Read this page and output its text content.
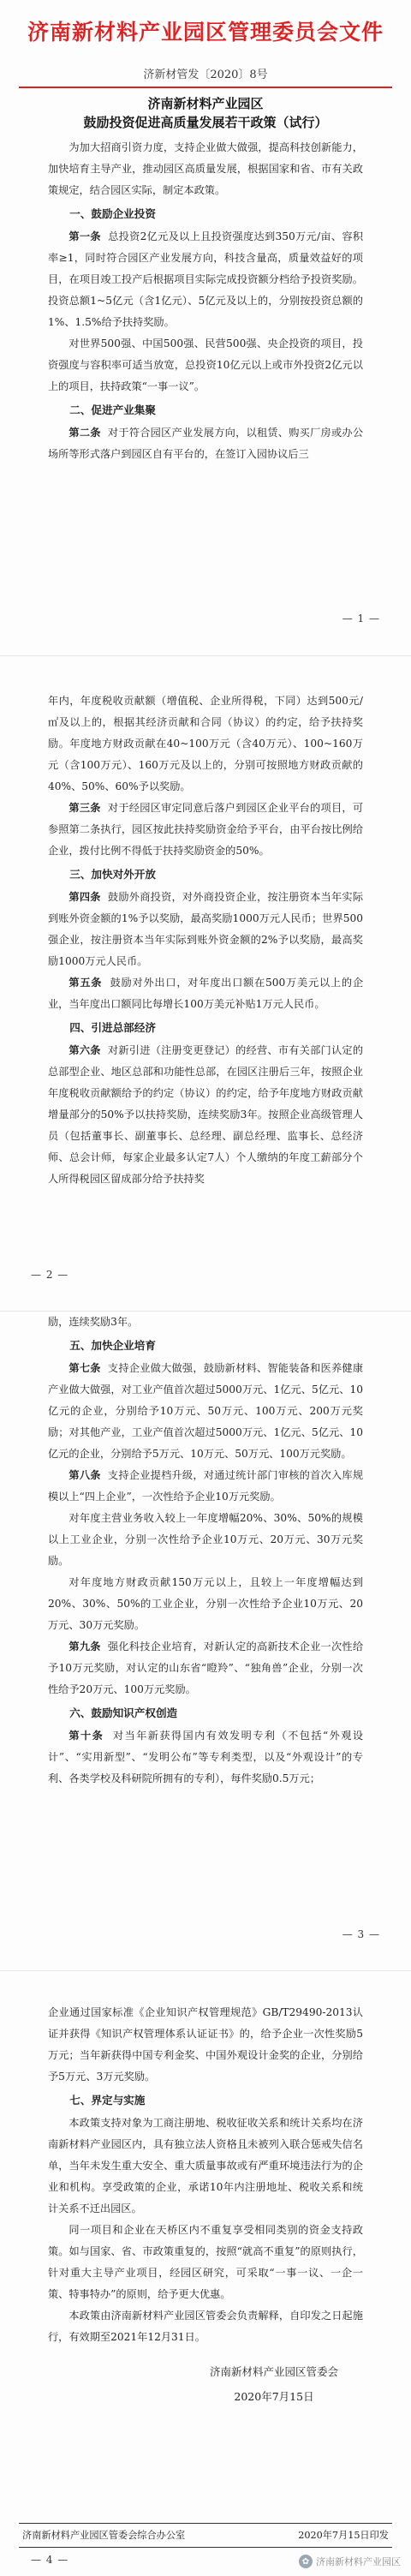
济南新材料产业园区管理委员会文件
济新材管发〔2020〕8号
济南新材料产业园区
鼓励投资促进高质量发展若干政策（试行）

为加大招商引资力度，支持企业做大做强，提高科技创新能力，加快培育主导产业，推动园区高质量发展，根据国家和省、市有关政策规定，结合园区实际，制定本政策。

一、鼓励企业投资

第一条 总投资2亿元及以上且投资强度达到350万元/亩、容积率≥1，同时符合园区产业发展方向，科技含量高，质量效益好的项目，在项目竣工投产后根据项目实际完成投资额分档给予投资奖励。投资总额1~5亿元（含1亿元）、5亿元及以上的，分别按投资总额的1%、1.5%给予扶持奖励。

对世界500强、中国500强、民营500强、央企投资的项目，投资强度与容积率可适当放宽，总投资10亿元以上或市外投资2亿元以上的项目，扶持政策“一事一议”。

二、促进产业集聚

第二条 对于符合园区产业发展方向，以租赁、购买厂房或办公场所等形式落户到园区自有平台的，在签订入园协议后三

— 1 —

年内，年度税收贡献额（增值税、企业所得税，下同）达到500元/㎡及以上的，根据其经济贡献和合同（协议）的约定，给予扶持奖励。年度地方财政贡献在40~100万元（含40万元）、100~160万元（含100万元）、160万元及以上的，分别可按照地方财政贡献的40%、50%、60%予以奖励。

第三条 对于经园区审定同意后落户到园区企业平台的项目，可参照第二条执行，园区按此扶持奖励资金给予平台，由平台按比例给企业，拨付比例不得低于扶持奖励资金的50%。

三、加快对外开放

第四条 鼓励外商投资，对外商投资企业，按注册资本当年实际到账外资金额的1%予以奖励，最高奖励1000万元人民币；世界500强企业，按注册资本当年实际到账外资金额的2%予以奖励，最高奖励1000万元人民币。

第五条 鼓励对外出口，对年度出口额在500万美元以上的企业，当年度出口额同比每增长100万美元补贴1万元人民币。

四、引进总部经济

第六条 对新引进（注册变更登记）的经营、市有关部门认定的总部型企业、地区总部和功能性总部，在园区注册后三年，按照企业年度税收贡献额给予的约定（协议）的约定，给予年度地方财政贡献增量部分的50%予以扶持奖励，连续奖励3年。按照企业高级管理人员（包括董事长、副董事长、总经理、副总经理、监事长、总经济师、总会计师，每家企业最多认定7人）个人缴纳的年度工薪部分个人所得税园区留成部分给予扶持奖

— 2 —

励，连续奖励3年。

五、加快企业培育

第七条 支持企业做大做强，鼓励新材料、智能装备和医养健康产业做大做强，对工业产值首次超过5000万元、1亿元、5亿元、10亿元的企业，分别给予10万元、50万元、100万元、200万元奖励；对其他产业，工业产值首次超过5000万元、1亿元、5亿元、10亿元的企业，分别给予5万元、10万元、50万元、100万元奖励。

第八条 支持企业提档升级，对通过统计部门审核的首次入库规模以上“四上企业”，一次性给予企业10万元奖励。

对年度主营业务收入较上一年度增幅20%、30%、50%的规模以上工业企业，分别一次性给予企业10万元、20万元、30万元奖励。

对年度地方财政贡献150万元以上，且较上一年度增幅达到20%、30%、50%的工业企业，分别一次性给予企业10万元、20万元、30万元奖励。

第九条 强化科技企业培育，对新认定的高新技术企业一次性给予10万元奖励，对认定的山东省“瞪羚”、“独角兽”企业，分别一次性给予20万元、100万元奖励。

六、鼓励知识产权创造

第十条 对当年新获得国内有效发明专利（不包括“外观设计”、“实用新型”、“发明公布”等专利类型，以及“外观设计”的专利、各类学校及科研院所拥有的专利），每件奖励0.5万元；

— 3 —

企业通过国家标准《企业知识产权管理规范》GB/T29490-2013认证并获得《知识产权管理体系认证证书》的，给予企业一次性奖励5万元；当年新获得中国专利金奖、中国外观设计金奖的企业，分别给予5万元、3万元奖励。

七、界定与实施

本政策支持对象为工商注册地、税收征收关系和统计关系均在济南新材料产业园区内，具有独立法人资格且未被列入联合惩戒失信名单，当年未发生重大安全、重大质量事故或有严重环境违法行为的企业和机构。享受政策的企业，承诺10年内注册地址、税收关系和统计关系不迁出园区。

同一项目和企业在天桥区内不重复享受相同类别的资金支持政策。如与国家、省、市政策重复的，按照“就高不重复”的原则执行，针对重大主导产业项目，经园区研究，可采取“一事一议、一企一策、特事特办”的原则，给予更大优惠。

本政策由济南新材料产业园区管委会负责解释，自印发之日起施行，有效期至2021年12月31日。

济南新材料产业园区管委会
2020年7月15日
济南新材料产业园区管委会综合办公室	2020年7月15日印发
— 4 —	✿ 济南新材料产业园区
